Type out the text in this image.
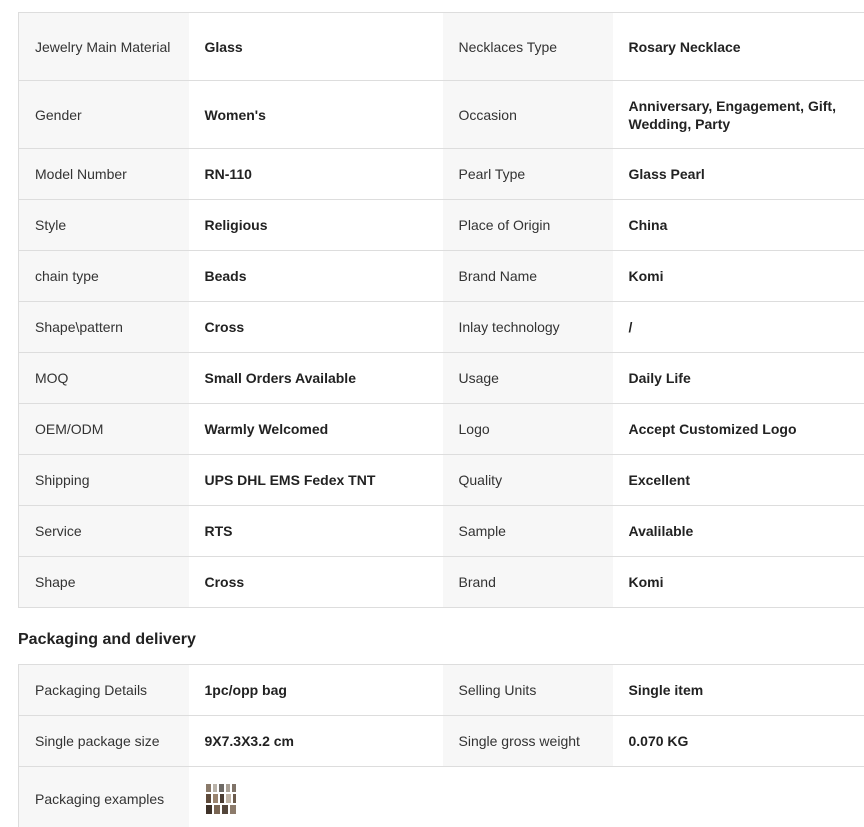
Jewelry Main Material	Glass	Necklaces Type	Rosary Necklace
Gender	Women's	Occasion	Anniversary, Engagement, Gift, Wedding, Party
Model Number	RN-110	Pearl Type	Glass Pearl
Style	Religious	Place of Origin	China
chain type	Beads	Brand Name	Komi
Shape\pattern	Cross	Inlay technology	/
MOQ	Small Orders Available	Usage	Daily Life
OEM/ODM	Warmly Welcomed	Logo	Accept Customized Logo
Shipping	UPS DHL EMS Fedex TNT	Quality	Excellent
Service	RTS	Sample	Avalilable
Shape	Cross	Brand	Komi
Packaging and delivery
Packaging Details	1pc/opp bag	Selling Units	Single item
Single package size	9X7.3X3.2 cm	Single gross weight	0.070 KG
Packaging examples	
